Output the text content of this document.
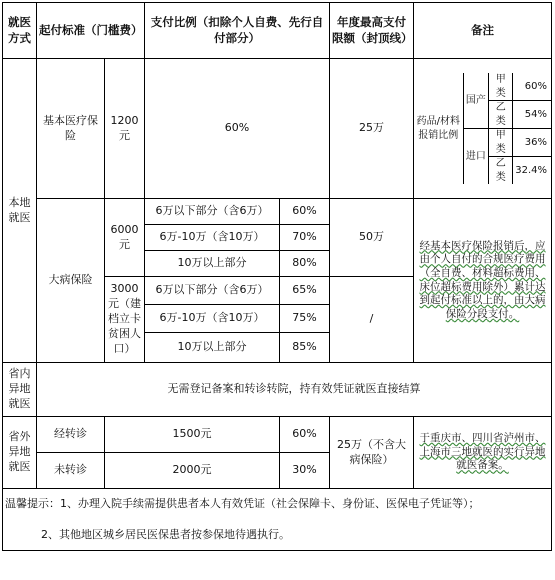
就医方式	起付标准（门槛费）	支付比例（扣除个人自费、先行自付部分）	年度最高支付限额（封顶线）	备注
本地就医	基本医疗保险	1200元	60%	25万		药品/材料报销比例	国产	甲类	60%
乙类	54%
进口	甲类	36%
乙类	32.4%

大病保险	6000元	6万以下部分（含6万）	60%	50万	经基本医疗保险报销后，应由个人自付的合规医疗费用（全自费、材料超标费用、床位超标费用除外）累计达到起付标准以上的，由大病保险分段支付。
6万-10万（含10万）	70%
10万以上部分	80%
3000元（建档立卡贫困人口）	6万以下部分（含6万）	65%	/
6万-10万（含10万）	75%
10万以上部分	85%
省内异地就医	无需登记备案和转诊转院，持有效凭证就医直接结算
省外异地就医	经转诊	1500元	60%	25万（不含大病保险）	于重庆市、四川省泸州市、上海市三地就医的实行异地就医备案。
未转诊	2000元	30%
温馨提示：1、办理入院手续需提供患者本人有效凭证（社会保障卡、身份证、医保电子凭证等）；
2、其他地区城乡居民医保患者按参保地待遇执行。
